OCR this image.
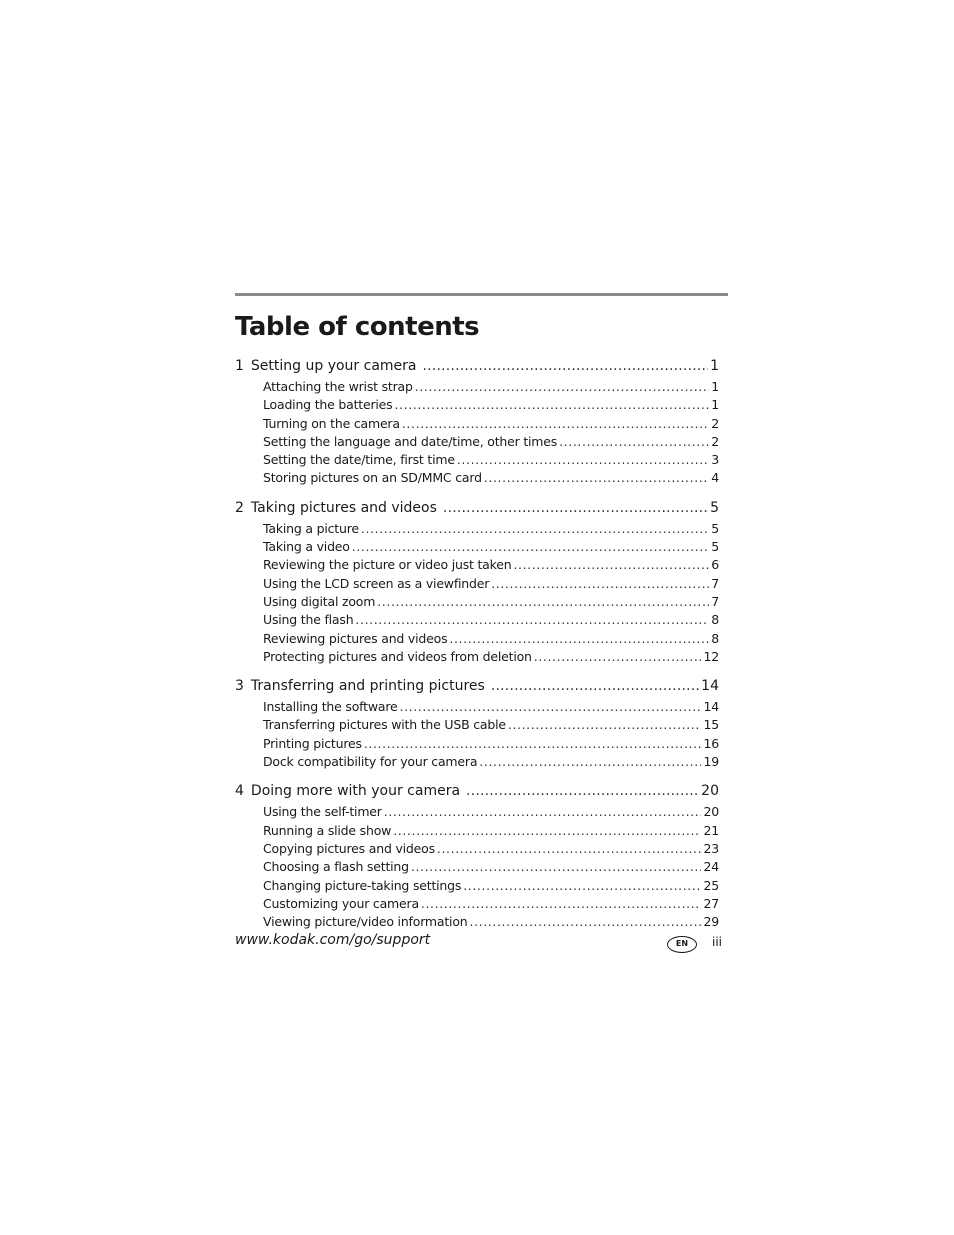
Table of contents
1 Setting up your camera .....	1
Attaching the wrist strap .....	1
Loading the batteries .....	1
Turning on the camera .....	2
Setting the language and date/time, other times .....	2
Setting the date/time, first time .....	3
Storing pictures on an SD/MMC card .....	4
2 Taking pictures and videos .....	5
Taking a picture .....	5
Taking a video .....	5
Reviewing the picture or video just taken .....	6
Using the LCD screen as a viewfinder .....	7
Using digital zoom .....	7
Using the flash .....	8
Reviewing pictures and videos .....	8
Protecting pictures and videos from deletion .....	12
3 Transferring and printing pictures .....	14
Installing the software .....	14
Transferring pictures with the USB cable .....	15
Printing pictures .....	16
Dock compatibility for your camera .....	19
4 Doing more with your camera .....	20
Using the self-timer .....	20
Running a slide show .....	21
Copying pictures and videos .....	23
Choosing a flash setting .....	24
Changing picture-taking settings .....	25
Customizing your camera .....	27
Viewing picture/video information .....	29

www.kodak.com/go/support	EN	iii
